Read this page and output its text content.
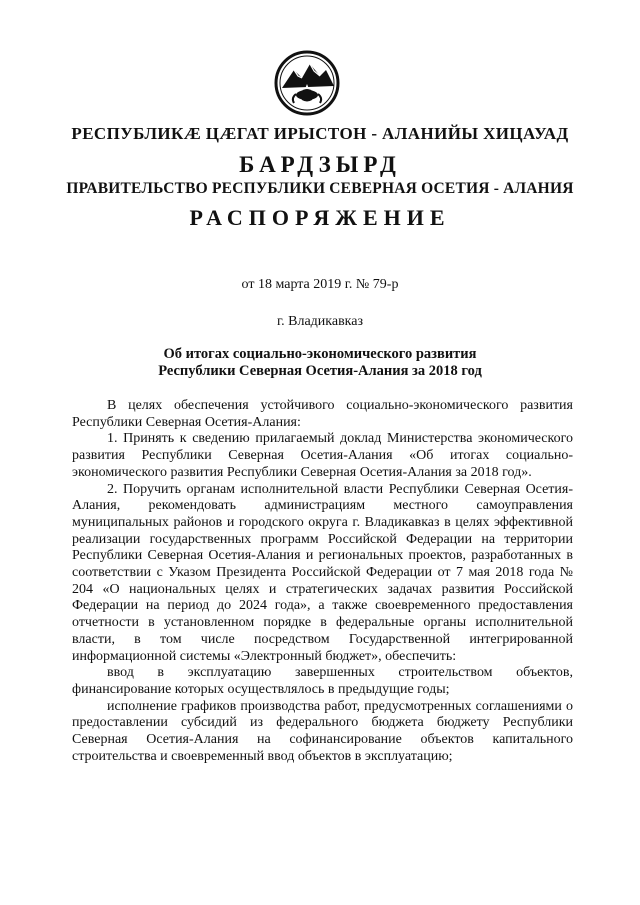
РЕСПУБЛИКӔ ЦӔГАТ ИРЫСТОН - АЛАНИЙЫ ХИЦАУАД
БАРДЗЫРД
ПРАВИТЕЛЬСТВО РЕСПУБЛИКИ СЕВЕРНАЯ ОСЕТИЯ - АЛАНИЯ
РАСПОРЯЖЕНИЕ
от 18 марта 2019 г. № 79-р
г. Владикавказ
Об итогах социально-экономического развития
Республики Северная Осетия-Алания за 2018 год

В целях обеспечения устойчивого социально-экономического развития Республики Северная Осетия-Алания:

1. Принять к сведению прилагаемый доклад Министерства экономического развития Республики Северная Осетия-Алания «Об итогах социально-экономического развития Республики Северная Осетия-Алания за 2018 год».

2. Поручить органам исполнительной власти Республики Северная Осетия-Алания, рекомендовать администрациям местного самоуправления муниципальных районов и городского округа г. Владикавказ в целях эффективной реализации государственных программ Российской Федерации на территории Республики Северная Осетия-Алания и региональных проектов, разработанных в соответствии с Указом Президента Российской Федерации от 7 мая 2018 года № 204 «О национальных целях и стратегических задачах развития Российской Федерации на период до 2024 года», а также своевременного предоставления отчетности в установленном порядке в федеральные органы исполнительной власти, в том числе посредством Государственной интегрированной информационной системы «Электронный бюджет», обеспечить:

ввод в эксплуатацию завершенных строительством объектов, финансирование которых осуществлялось в предыдущие годы;

исполнение графиков производства работ, предусмотренных соглашениями о предоставлении субсидий из федерального бюджета бюджету Республики Северная Осетия-Алания на софинансирование объектов капитального строительства и своевременный ввод объектов в эксплуатацию;
